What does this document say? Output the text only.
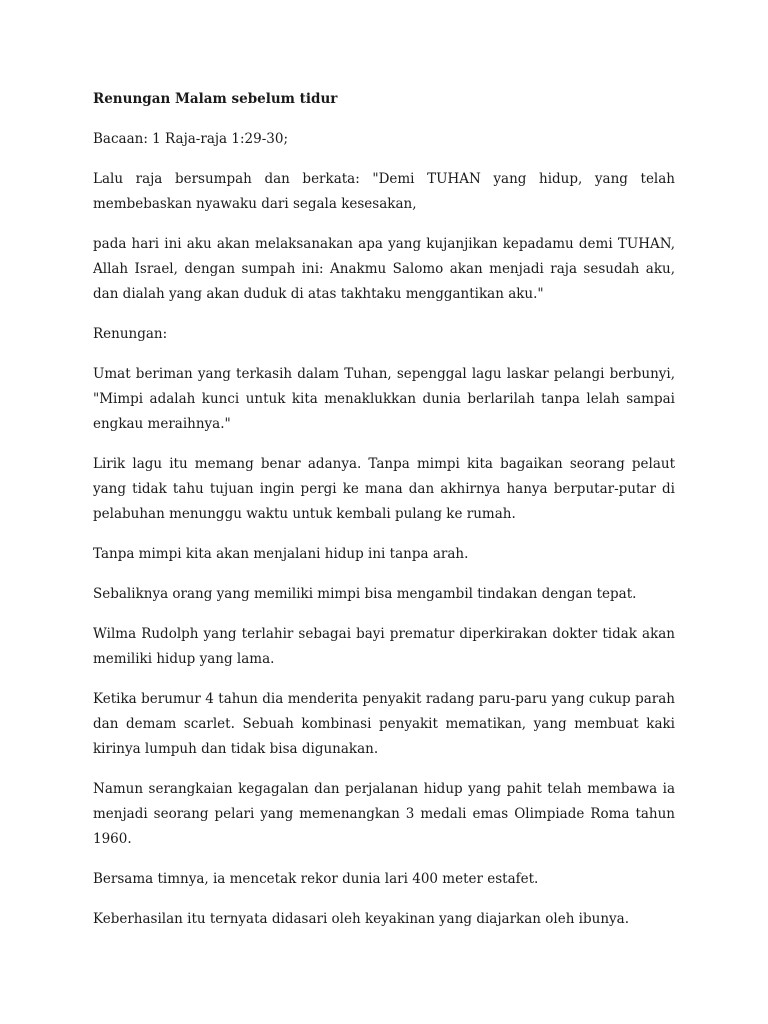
Renungan Malam sebelum tidur

Bacaan: 1 Raja-raja 1:29-30;

Lalu raja bersumpah dan berkata: "Demi TUHAN yang hidup, yang telah membebaskan nyawaku dari segala kesesakan,

pada hari ini aku akan melaksanakan apa yang kujanjikan kepadamu demi TUHAN, Allah Israel, dengan sumpah ini: Anakmu Salomo akan menjadi raja sesudah aku, dan dialah yang akan duduk di atas takhtaku menggantikan aku."

Renungan:

Umat beriman yang terkasih dalam Tuhan, sepenggal lagu laskar pelangi berbunyi, "Mimpi adalah kunci untuk kita menaklukkan dunia berlarilah tanpa lelah sampai engkau meraihnya."

Lirik lagu itu memang benar adanya. Tanpa mimpi kita bagaikan seorang pelaut yang tidak tahu tujuan ingin pergi ke mana dan akhirnya hanya berputar-putar di pelabuhan menunggu waktu untuk kembali pulang ke rumah.

Tanpa mimpi kita akan menjalani hidup ini tanpa arah.

Sebaliknya orang yang memiliki mimpi bisa mengambil tindakan dengan tepat.

Wilma Rudolph yang terlahir sebagai bayi prematur diperkirakan dokter tidak akan memiliki hidup yang lama.

Ketika berumur 4 tahun dia menderita penyakit radang paru-paru yang cukup parah dan demam scarlet. Sebuah kombinasi penyakit mematikan, yang membuat kaki kirinya lumpuh dan tidak bisa digunakan.

Namun serangkaian kegagalan dan perjalanan hidup yang pahit telah membawa ia menjadi seorang pelari yang memenangkan 3 medali emas Olimpiade Roma tahun 1960.

Bersama timnya, ia mencetak rekor dunia lari 400 meter estafet.

Keberhasilan itu ternyata didasari oleh keyakinan yang diajarkan oleh ibunya.
